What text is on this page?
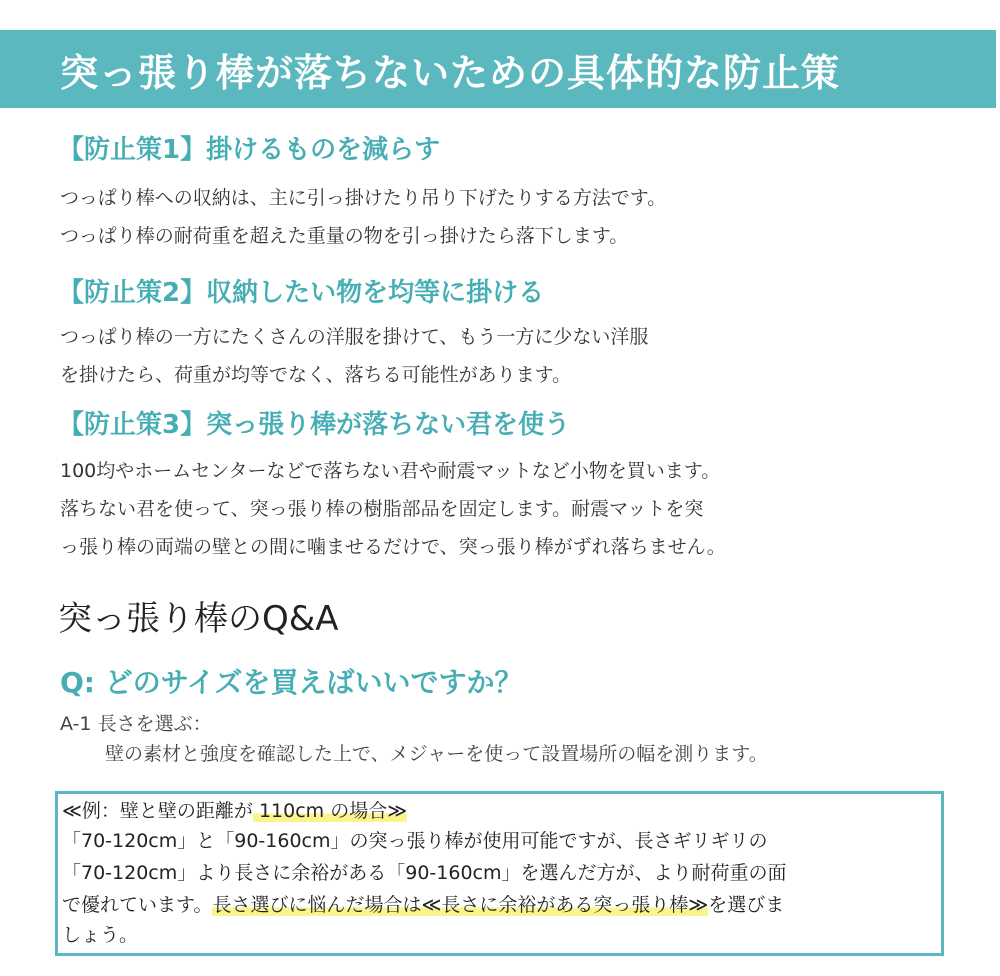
突っ張り棒が落ちないための具体的な防止策
【防止策1】掛けるものを減らす

つっぱり棒への収納は、主に引っ掛けたり吊り下げたりする方法です。
つっぱり棒の耐荷重を超えた重量の物を引っ掛けたら落下します。

【防止策2】収納したい物を均等に掛ける

つっぱり棒の一方にたくさんの洋服を掛けて、もう一方に少ない洋服
を掛けたら、荷重が均等でなく、落ちる可能性があります。

【防止策3】突っ張り棒が落ちない君を使う

100均やホームセンターなどで落ちない君や耐震マットなど小物を買います。
落ちない君を使って、突っ張り棒の樹脂部品を固定します。耐震マットを突
っ張り棒の両端の壁との間に噛ませるだけで、突っ張り棒がずれ落ちません。

突っ張り棒のQ&A
Q: どのサイズを買えばいいですか？

A-1 長さを選ぶ：

壁の素材と強度を確認した上で、メジャーを使って設置場所の幅を測ります。

≪例：壁と壁の距離が 110cm の場合≫

「70-120cm」と「90-160cm」の突っ張り棒が使用可能ですが、長さギリギリの

「70-120cm」より長さに余裕がある「90-160cm」を選んだ方が、より耐荷重の面

で優れています。長さ選びに悩んだ場合は≪長さに余裕がある突っ張り棒≫を選びま

しょう。
